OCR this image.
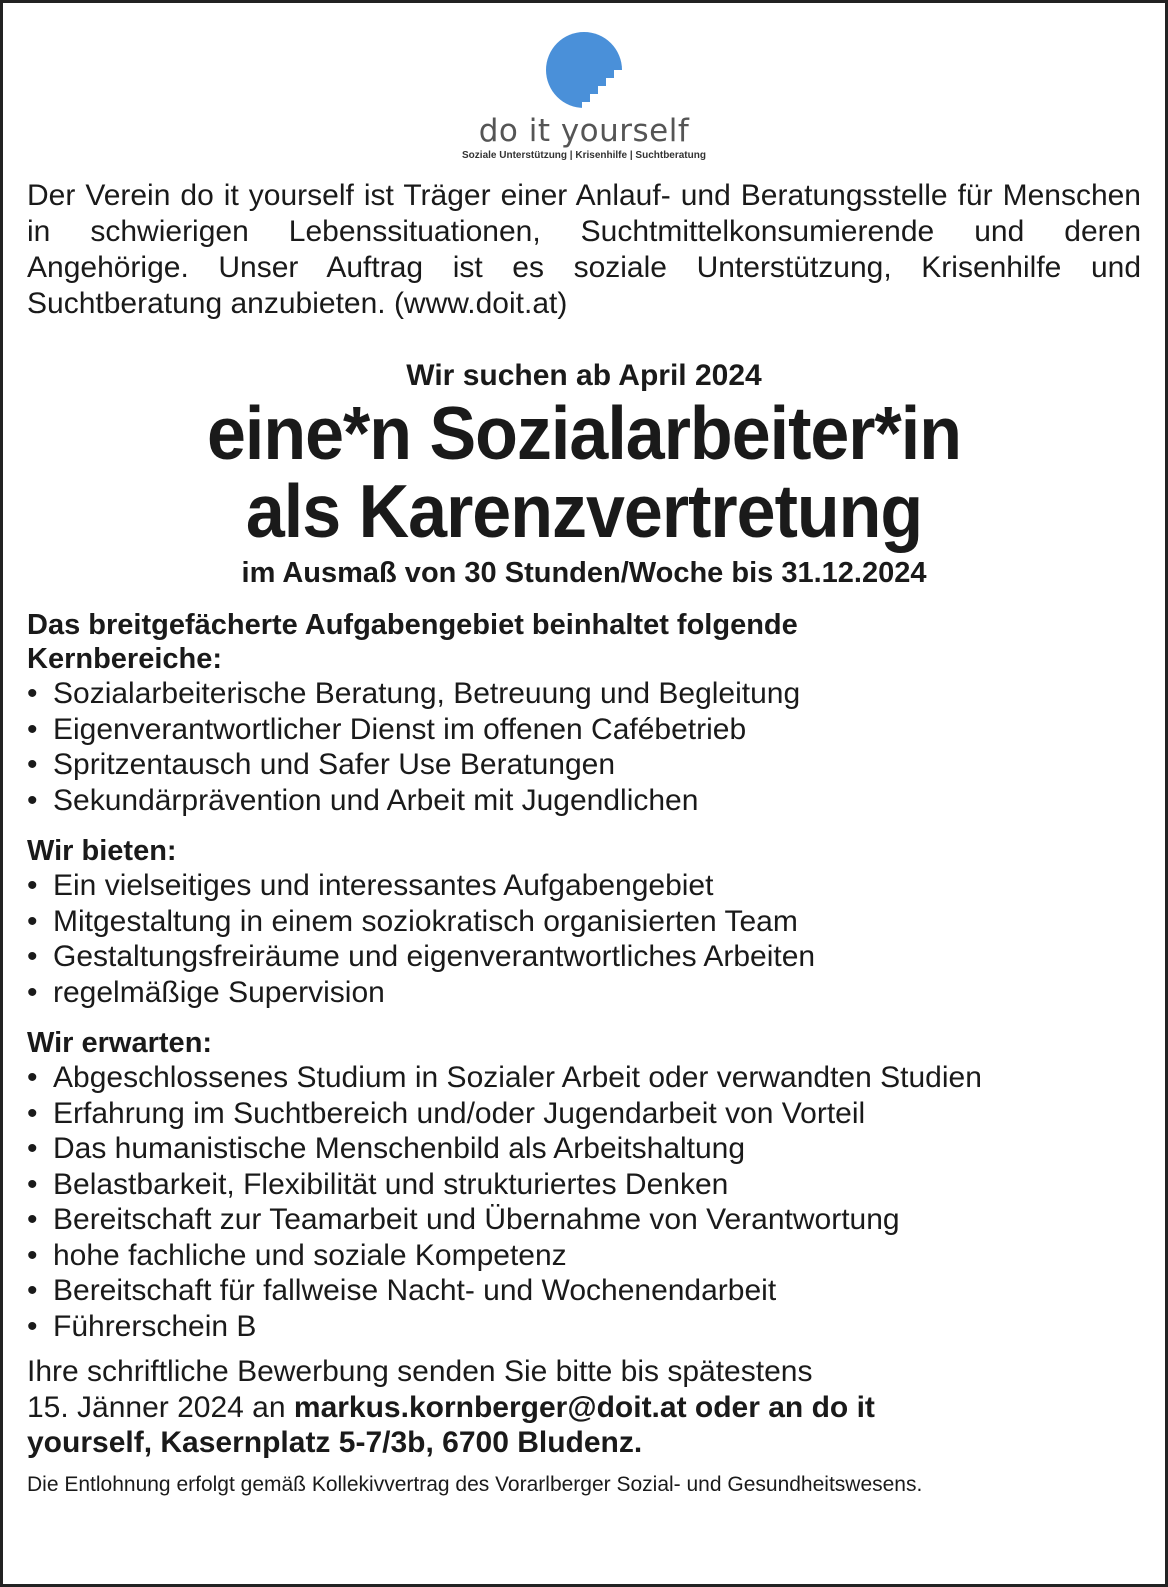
do it yourself
Soziale Unterstützung | Krisenhilfe | Suchtberatung

Der Verein do it yourself ist Träger einer Anlauf- und Beratungsstelle für Menschen in schwierigen Lebenssituationen, Suchtmittelkonsumierende und deren Angehörige. Unser Auftrag ist es soziale Unterstützung, Krisenhilfe und Suchtberatung anzubieten. (www.doit.at)

Wir suchen ab April 2024
eine*n Sozialarbeiter*in
als Karenzvertretung
im Ausmaß von 30 Stunden/Woche bis 31.12.2024
Das breitgefächerte Aufgabengebiet beinhaltet folgende
Kernbereiche:
• Sozialarbeiterische Beratung, Betreuung und Begleitung
• Eigenverantwortlicher Dienst im offenen Cafébetrieb
• Spritzentausch und Safer Use Beratungen
• Sekundärprävention und Arbeit mit Jugendlichen
Wir bieten:
• Ein vielseitiges und interessantes Aufgabengebiet
• Mitgestaltung in einem soziokratisch organisierten Team
• Gestaltungsfreiräume und eigenverantwortliches Arbeiten
• regelmäßige Supervision
Wir erwarten:
• Abgeschlossenes Studium in Sozialer Arbeit oder verwandten Studien
• Erfahrung im Suchtbereich und/oder Jugendarbeit von Vorteil
• Das humanistische Menschenbild als Arbeitshaltung
• Belastbarkeit, Flexibilität und strukturiertes Denken
• Bereitschaft zur Teamarbeit und Übernahme von Verantwortung
• hohe fachliche und soziale Kompetenz
• Bereitschaft für fallweise Nacht- und Wochenendarbeit
• Führerschein B
Ihre schriftliche Bewerbung senden Sie bitte bis spätestens
15. Jänner 2024 an markus.kornberger@doit.at oder an do it
yourself, Kasernplatz 5-7/3b, 6700 Bludenz.
Die Entlohnung erfolgt gemäß Kollekivvertrag des Vorarlberger Sozial- und Gesundheitswesens.
